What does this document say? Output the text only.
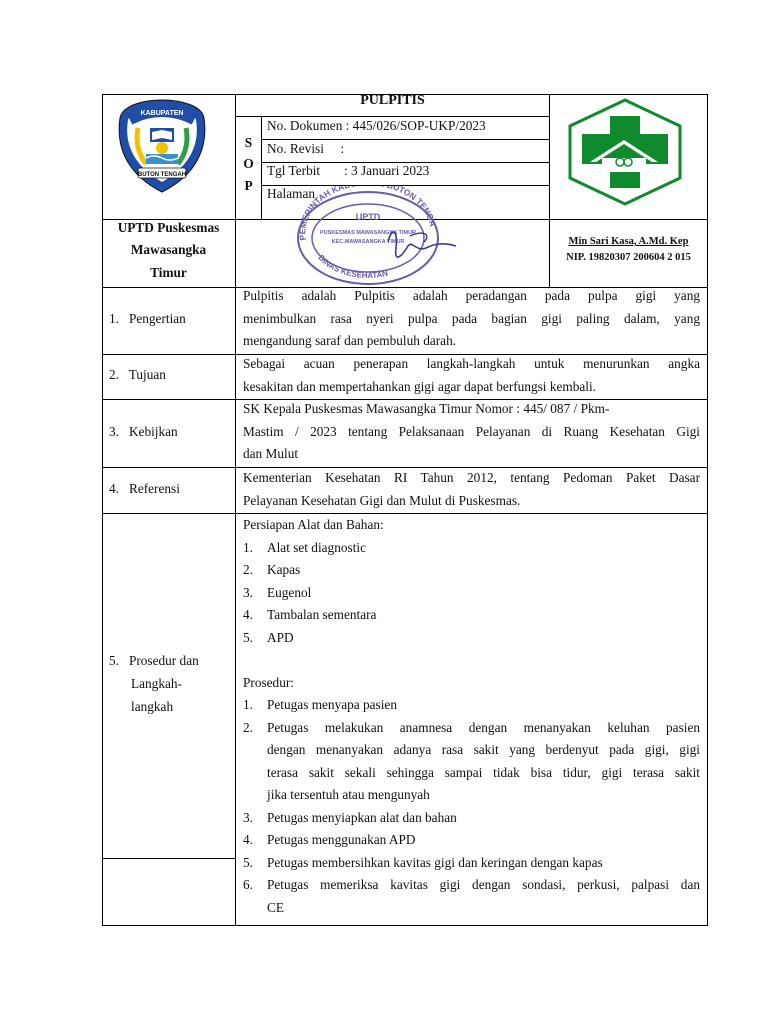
KABUPATEN
BUTON TENGAH
PULPITIS
S
O
P
No. Dokumen : 445/026/SOP-UKP/2023
No. Revisi     :
Tgl Terbit : 3 Januari 2023
Halaman
UPTD Puskesmas
Mawasangka
Timur
PEMERINTAH KA UTON TENGA
UPTD
PUSKESMAS MAWASANGKA TIMUR
KEC.MAWASANGKA TIMUR
DINAS KESEHATAN
Min Sari Kasa, A.Md. Kep
NIP. 19820307 200604 2 015
1.   Pengertian
Pulpitis adalah Pulpitis adalah peradangan pada pulpa gigi yang
menimbulkan rasa nyeri pulpa pada bagian gigi paling dalam, yang
mengandung saraf dan pembuluh darah.
2.   Tujuan
Sebagai acuan penerapan langkah-langkah untuk menurunkan angka
kesakitan dan mempertahankan gigi agar dapat berfungsi kembali.
3.   Kebijkan
SK Kepala Puskesmas Mawasangka Timur Nomor : 445/ 087 / Pkm-
Mastim / 2023 tentang Pelaksanaan Pelayanan di Ruang Kesehatan Gigi
dan Mulut
4.   Referensi
Kementerian Kesehatan RI Tahun 2012, tentang Pedoman Paket Dasar
Pelayanan Kesehatan Gigi dan Mulut di Puskesmas.
5.   Prosedur dan
Langkah-
langkah
Persiapan Alat dan Bahan:
1. Alat set diagnostic
2. Kapas
3. Eugenol
4. Tambalan sementara
5. APD

Prosedur:
1. Petugas menyapa pasien
2. Petugas melakukan anamnesa dengan menanyakan keluhan pasien
dengan menanyakan adanya rasa sakit yang berdenyut pada gigi, gigi
terasa sakit sekali sehingga sampai tidak bisa tidur, gigi terasa sakit
jika tersentuh atau mengunyah
3. Petugas menyiapkan alat dan bahan
4. Petugas menggunakan APD
5. Petugas membersihkan kavitas gigi dan keringan dengan kapas
6. Petugas memeriksa kavitas gigi dengan sondasi, perkusi, palpasi dan
CE
